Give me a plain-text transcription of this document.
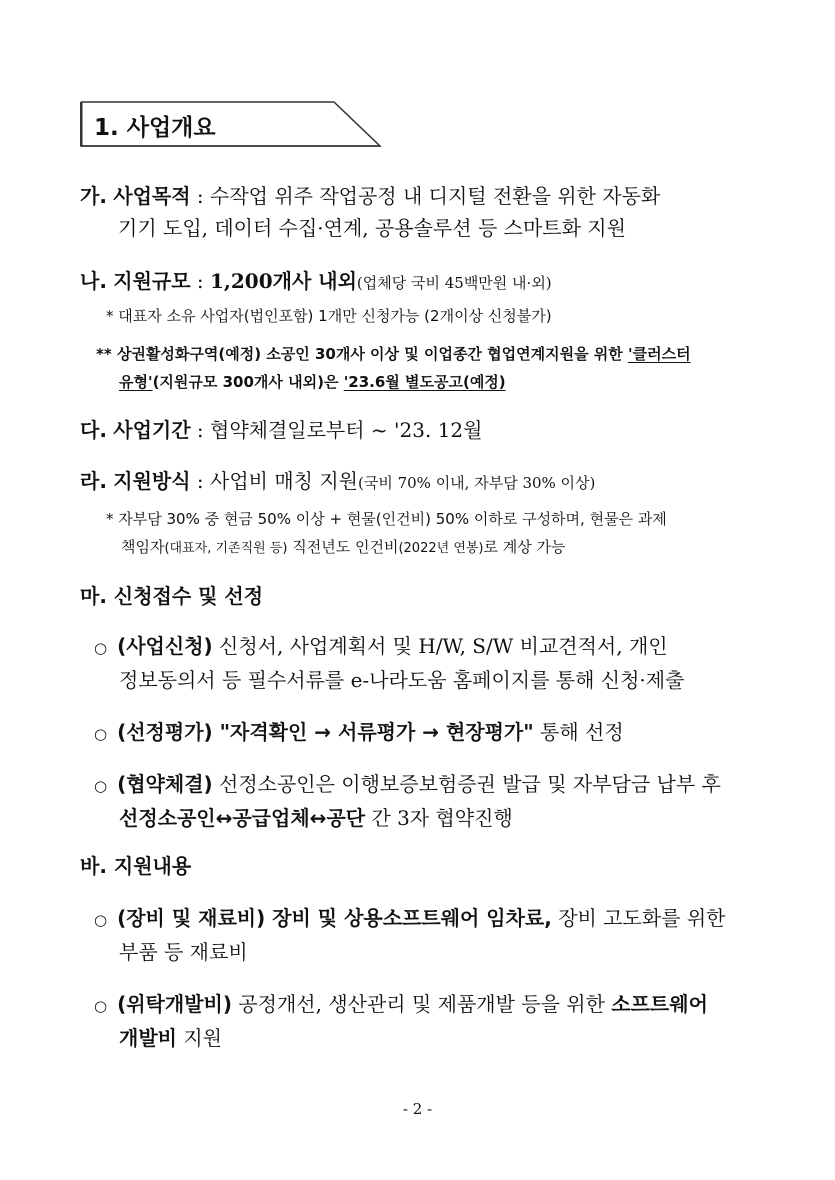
1. 사업개요
가. 사업목적 : 수작업 위주 작업공정 내 디지털 전환을 위한 자동화
기기 도입, 데이터 수집·연계, 공용솔루션 등 스마트화 지원
나. 지원규모 : 1,200개사 내외(업체당 국비 45백만원 내·외)
* 대표자 소유 사업자(법인포함) 1개만 신청가능 (2개이상 신청불가)
** 상권활성화구역(예정) 소공인 30개사 이상 및 이업종간 협업연계지원을 위한 '클러스터
유형'(지원규모 300개사 내외)은 '23.6월 별도공고(예정)
다. 사업기간 : 협약체결일로부터 ~ '23. 12월
라. 지원방식 : 사업비 매칭 지원(국비 70% 이내, 자부담 30% 이상)
* 자부담 30% 중 현금 50% 이상 + 현물(인건비) 50% 이하로 구성하며, 현물은 과제
책임자(대표자, 기존직원 등) 직전년도 인건비(2022년 연봉)로 계상 가능
마. 신청접수 및 선정
○ (사업신청) 신청서, 사업계획서 및 H/W, S/W 비교견적서, 개인
정보동의서 등 필수서류를 e-나라도움 홈페이지를 통해 신청·제출
○ (선정평가) "자격확인 → 서류평가 → 현장평가" 통해 선정
○ (협약체결) 선정소공인은 이행보증보험증권 발급 및 자부담금 납부 후
선정소공인↔공급업체↔공단 간 3자 협약진행
바. 지원내용
○ (장비 및 재료비) 장비 및 상용소프트웨어 임차료, 장비 고도화를 위한
부품 등 재료비
○ (위탁개발비) 공정개선, 생산관리 및 제품개발 등을 위한 소프트웨어
개발비 지원
- 2 -
